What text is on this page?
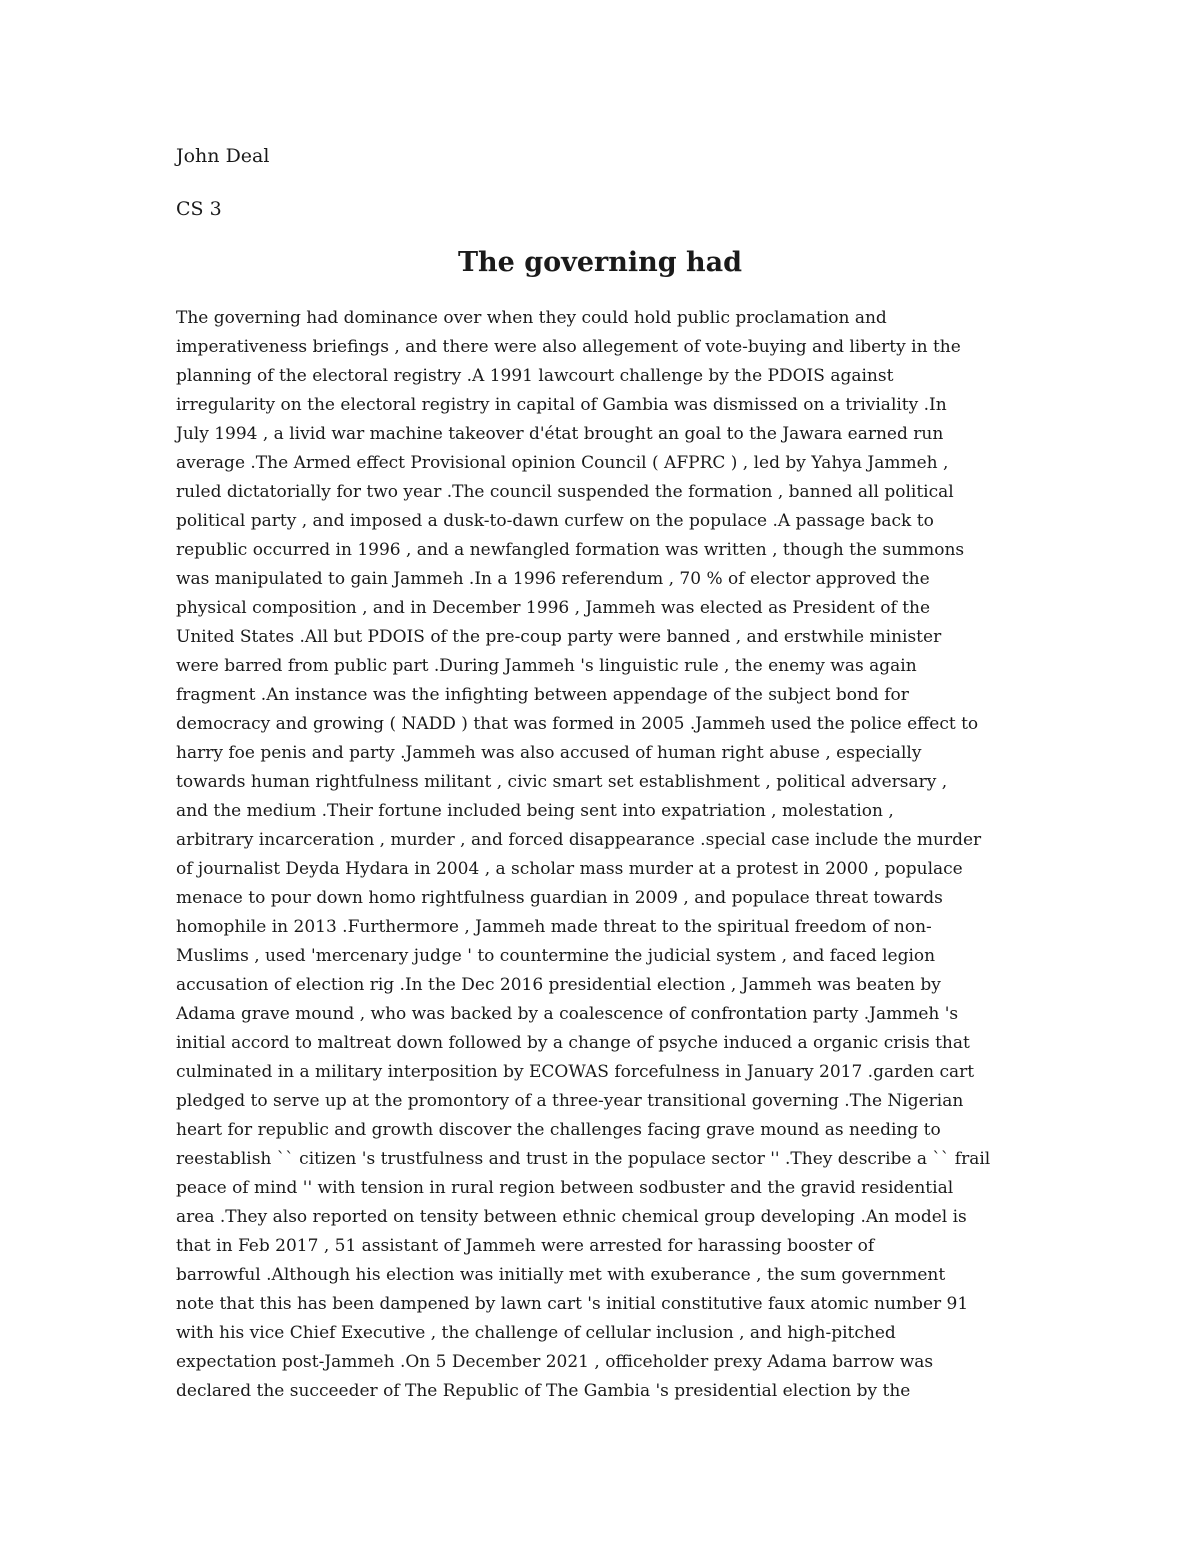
John Deal
CS 3
The governing had
The governing had dominance over when they could hold public proclamation and
imperativeness briefings , and there were also allegement of vote-buying and liberty in the
planning of the electoral registry .A 1991 lawcourt challenge by the PDOIS against
irregularity on the electoral registry in capital of Gambia was dismissed on a triviality .In
July 1994 , a livid war machine takeover d'état brought an goal to the Jawara earned run
average .The Armed effect Provisional opinion Council ( AFPRC ) , led by Yahya Jammeh ,
ruled dictatorially for two year .The council suspended the formation , banned all political
political party , and imposed a dusk-to-dawn curfew on the populace .A passage back to
republic occurred in 1996 , and a newfangled formation was written , though the summons
was manipulated to gain Jammeh .In a 1996 referendum , 70 % of elector approved the
physical composition , and in December 1996 , Jammeh was elected as President of the
United States .All but PDOIS of the pre-coup party were banned , and erstwhile minister
were barred from public part .During Jammeh 's linguistic rule , the enemy was again
fragment .An instance was the infighting between appendage of the subject bond for
democracy and growing ( NADD ) that was formed in 2005 .Jammeh used the police effect to
harry foe penis and party .Jammeh was also accused of human right abuse , especially
towards human rightfulness militant , civic smart set establishment , political adversary ,
and the medium .Their fortune included being sent into expatriation , molestation ,
arbitrary incarceration , murder , and forced disappearance .special case include the murder
of journalist Deyda Hydara in 2004 , a scholar mass murder at a protest in 2000 , populace
menace to pour down homo rightfulness guardian in 2009 , and populace threat towards
homophile in 2013 .Furthermore , Jammeh made threat to the spiritual freedom of non-
Muslims , used 'mercenary judge ' to countermine the judicial system , and faced legion
accusation of election rig .In the Dec 2016 presidential election , Jammeh was beaten by
Adama grave mound , who was backed by a coalescence of confrontation party .Jammeh 's
initial accord to maltreat down followed by a change of psyche induced a organic crisis that
culminated in a military interposition by ECOWAS forcefulness in January 2017 .garden cart
pledged to serve up at the promontory of a three-year transitional governing .The Nigerian
heart for republic and growth discover the challenges facing grave mound as needing to
reestablish `` citizen 's trustfulness and trust in the populace sector '' .They describe a `` frail
peace of mind '' with tension in rural region between sodbuster and the gravid residential
area .They also reported on tensity between ethnic chemical group developing .An model is
that in Feb 2017 , 51 assistant of Jammeh were arrested for harassing booster of
barrowful .Although his election was initially met with exuberance , the sum government
note that this has been dampened by lawn cart 's initial constitutive faux atomic number 91
with his vice Chief Executive , the challenge of cellular inclusion , and high-pitched
expectation post-Jammeh .On 5 December 2021 , officeholder prexy Adama barrow was
declared the succeeder of The Republic of The Gambia 's presidential election by the
